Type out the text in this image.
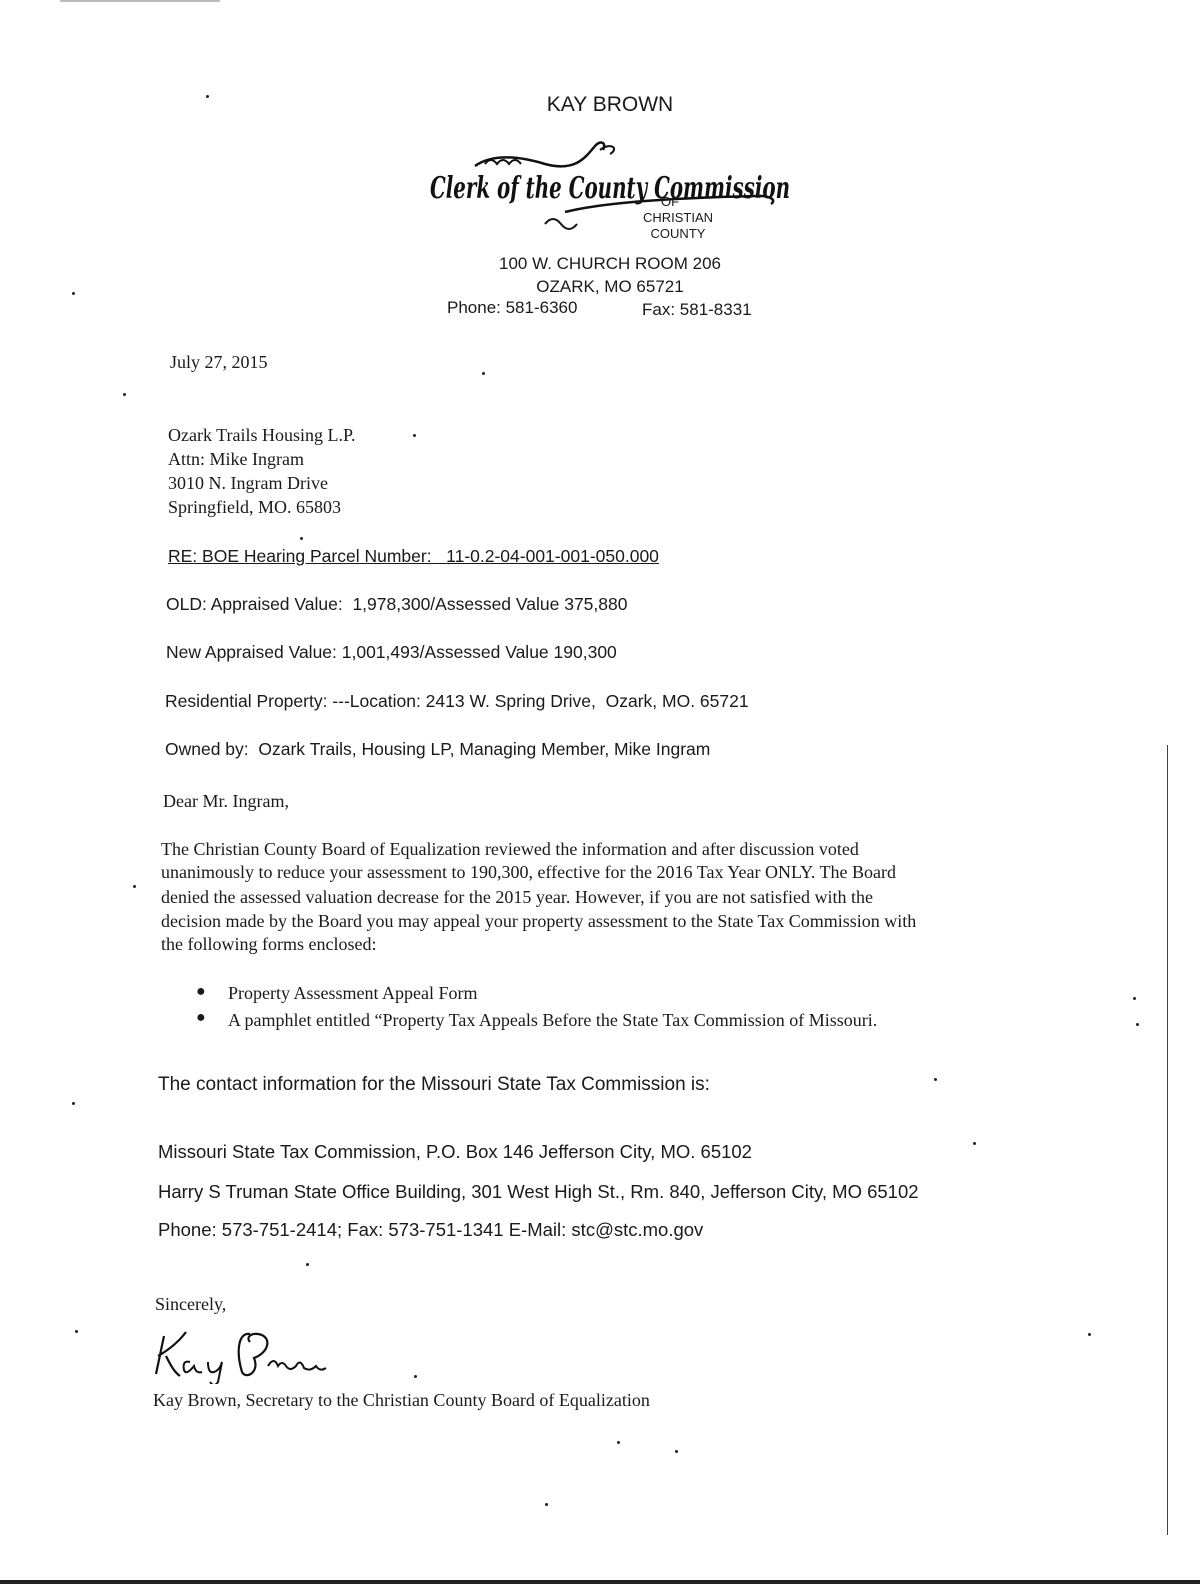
KAY BROWN
Clerk of the County Commission
OF
CHRISTIAN
COUNTY
100 W. CHURCH ROOM 206
OZARK, MO 65721
Phone: 581-6360	Fax: 581-8331
July 27, 2015
Ozark Trails Housing L.P.
Attn: Mike Ingram
3010 N. Ingram Drive
Springfield, MO. 65803
RE: BOE Hearing Parcel Number:   11-0.2-04-001-001-050.000
OLD: Appraised Value:  1,978,300/Assessed Value 375,880
New Appraised Value: 1,001,493/Assessed Value 190,300
Residential Property: ---Location: 2413 W. Spring Drive,  Ozark, MO. 65721
Owned by:  Ozark Trails, Housing LP, Managing Member, Mike Ingram
Dear Mr. Ingram,
The Christian County Board of Equalization reviewed the information and after discussion voted
unanimously to reduce your assessment to 190,300, effective for the 2016 Tax Year ONLY. The Board
denied the assessed valuation decrease for the 2015 year. However, if you are not satisfied with the
decision made by the Board you may appeal your property assessment to the State Tax Commission with
the following forms enclosed:
● Property Assessment Appeal Form
● A pamphlet entitled “Property Tax Appeals Before the State Tax Commission of Missouri.
The contact information for the Missouri State Tax Commission is:
Missouri State Tax Commission, P.O. Box 146 Jefferson City, MO. 65102
Harry S Truman State Office Building, 301 West High St., Rm. 840, Jefferson City, MO 65102
Phone: 573-751-2414; Fax: 573-751-1341 E-Mail: stc@stc.mo.gov
Sincerely,
Kay Brown, Secretary to the Christian County Board of Equalization
